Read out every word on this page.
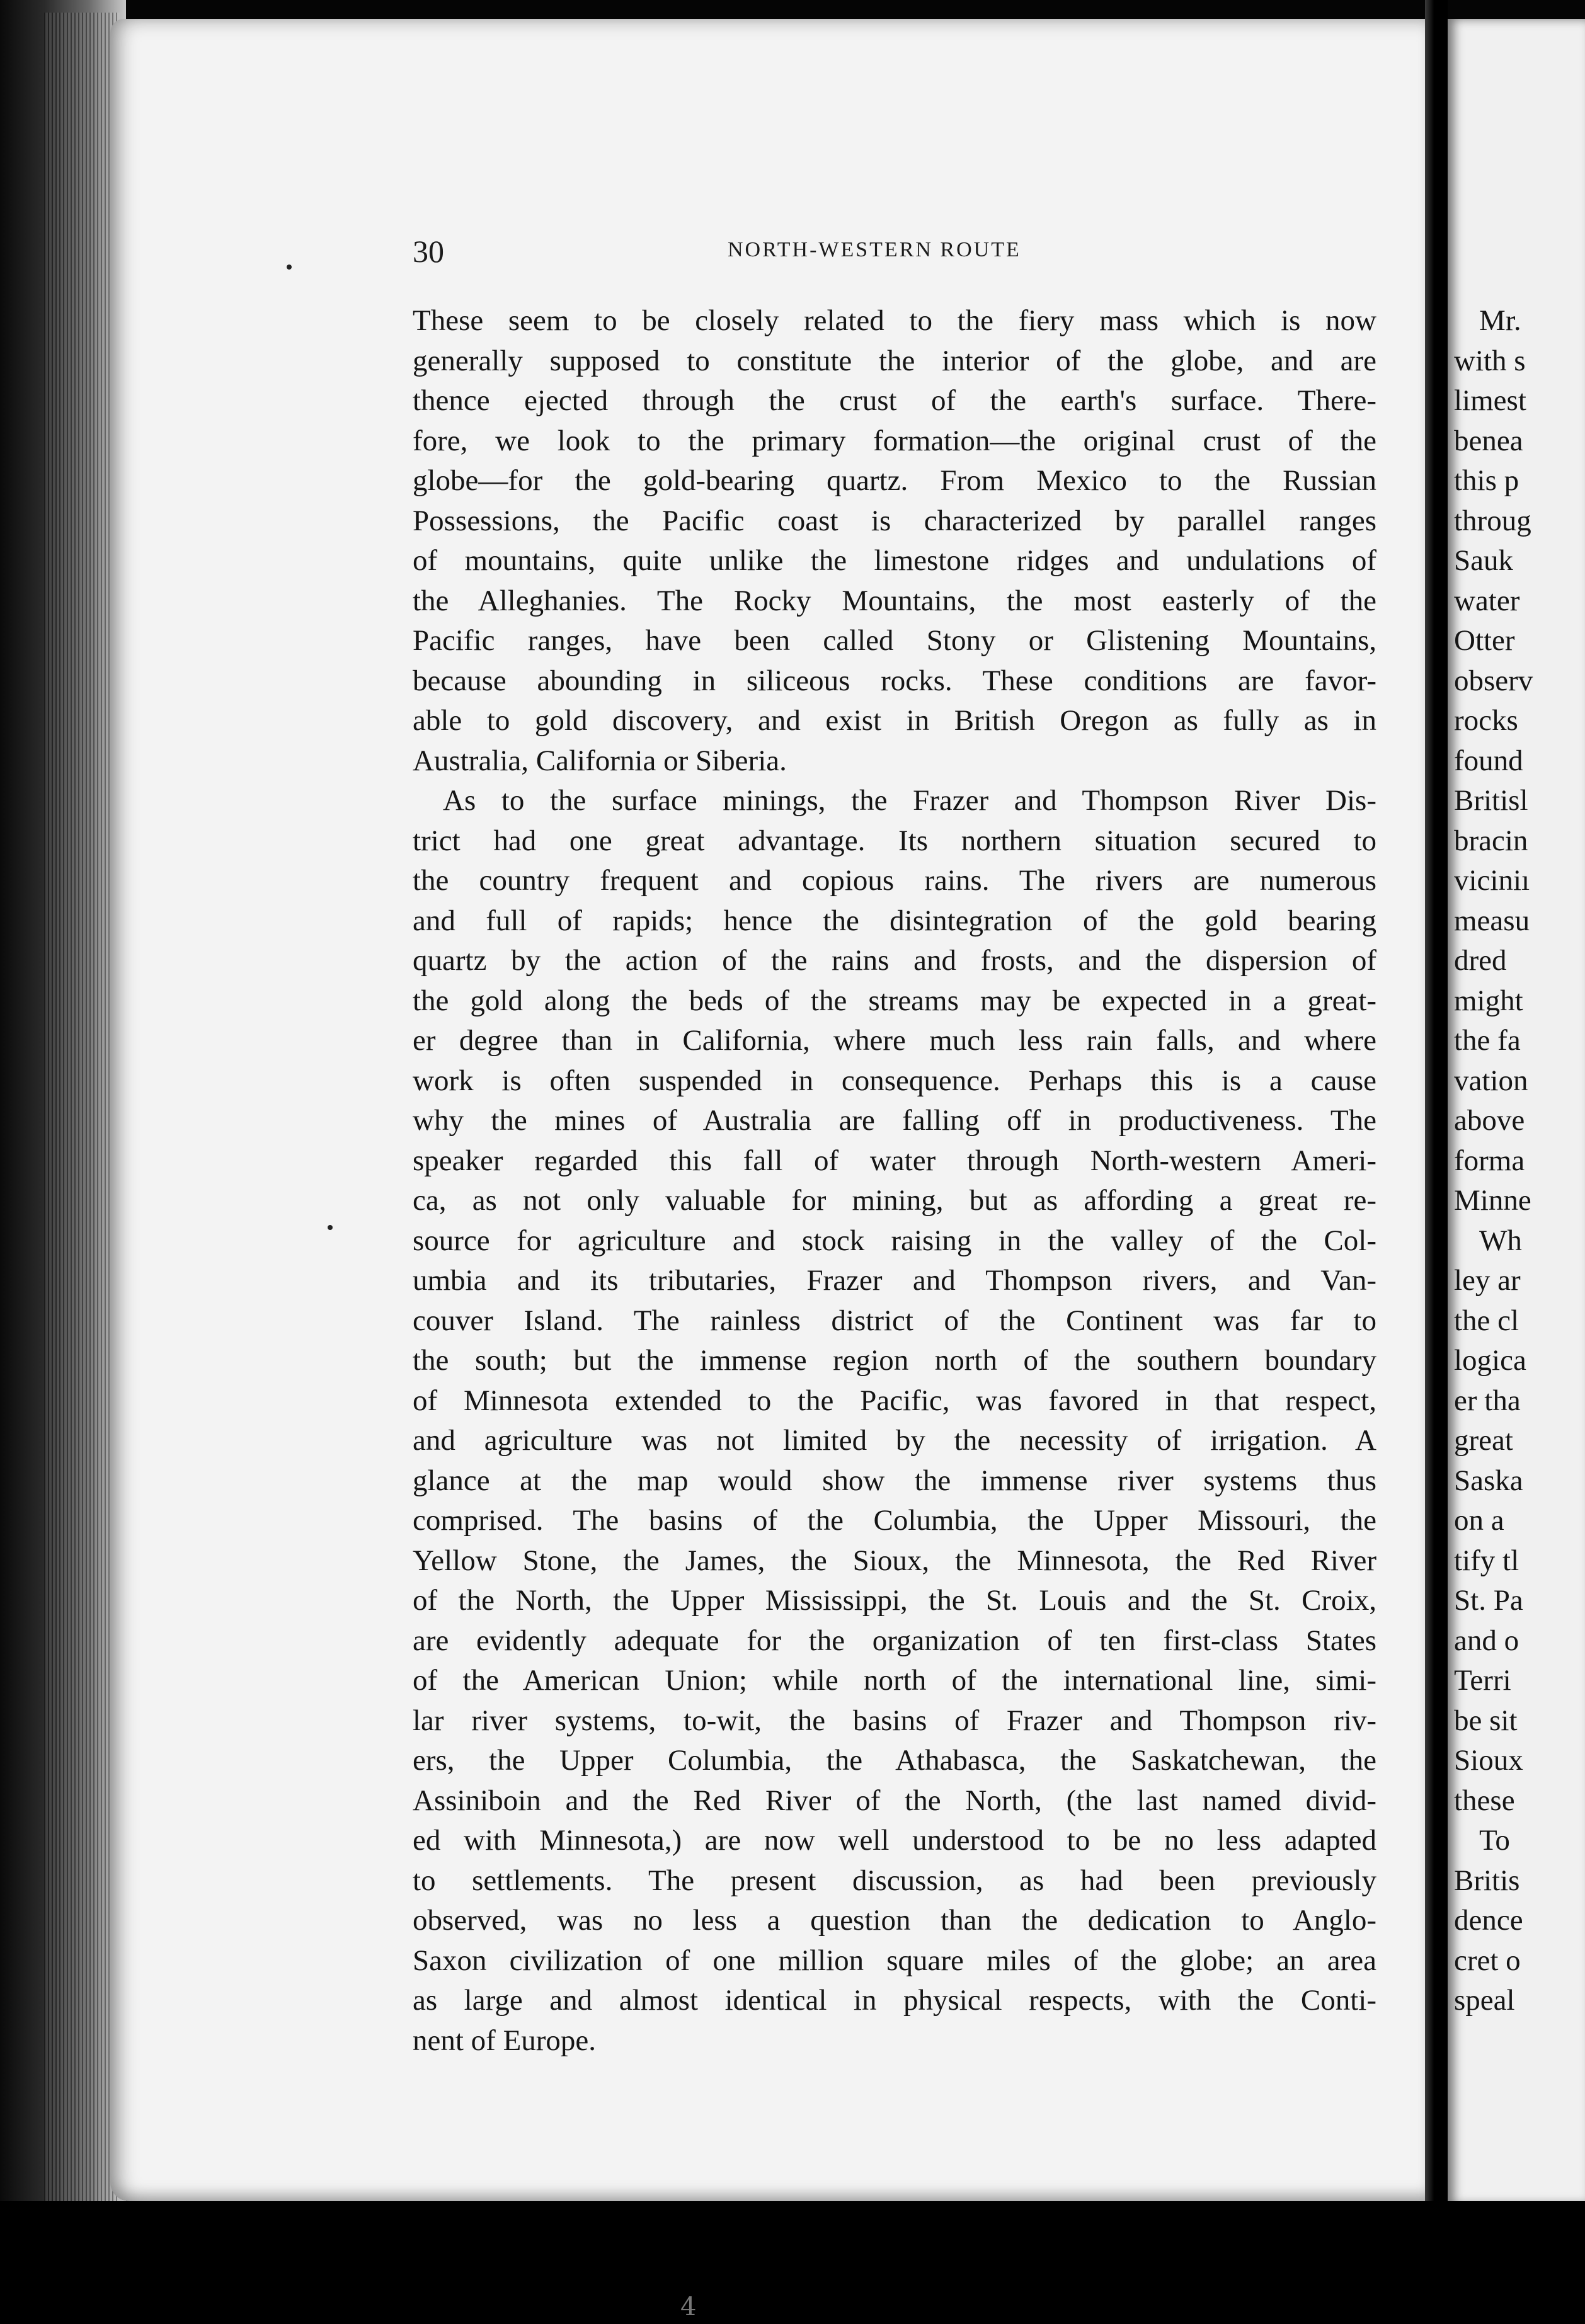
30	NORTH-WESTERN ROUTE
These seem to be closely related to the fiery mass which is now
generally supposed to constitute the interior of the globe, and are
thence ejected through the crust of the earth's surface. There-
fore, we look to the primary formation—the original crust of the
globe—for the gold-bearing quartz. From Mexico to the Russian
Possessions, the Pacific coast is characterized by parallel ranges
of mountains, quite unlike the limestone ridges and undulations of
the Alleghanies. The Rocky Mountains, the most easterly of the
Pacific ranges, have been called Stony or Glistening Mountains,
because abounding in siliceous rocks. These conditions are favor-
able to gold discovery, and exist in British Oregon as fully as in
Australia, California or Siberia.
As to the surface minings, the Frazer and Thompson River Dis-
trict had one great advantage. Its northern situation secured to
the country frequent and copious rains. The rivers are numerous
and full of rapids; hence the disintegration of the gold bearing
quartz by the action of the rains and frosts, and the dispersion of
the gold along the beds of the streams may be expected in a great-
er degree than in California, where much less rain falls, and where
work is often suspended in consequence. Perhaps this is a cause
why the mines of Australia are falling off in productiveness. The
speaker regarded this fall of water through North-western Ameri-
ca, as not only valuable for mining, but as affording a great re-
source for agriculture and stock raising in the valley of the Col-
umbia and its tributaries, Frazer and Thompson rivers, and Van-
couver Island. The rainless district of the Continent was far to
the south; but the immense region north of the southern boundary
of Minnesota extended to the Pacific, was favored in that respect,
and agriculture was not limited by the necessity of irrigation. A
glance at the map would show the immense river systems thus
comprised. The basins of the Columbia, the Upper Missouri, the
Yellow Stone, the James, the Sioux, the Minnesota, the Red River
of the North, the Upper Mississippi, the St. Louis and the St. Croix,
are evidently adequate for the organization of ten first-class States
of the American Union; while north of the international line, simi-
lar river systems, to-wit, the basins of Frazer and Thompson riv-
ers, the Upper Columbia, the Athabasca, the Saskatchewan, the
Assiniboin and the Red River of the North, (the last named divid-
ed with Minnesota,) are now well understood to be no less adapted
to settlements. The present discussion, as had been previously
observed, was no less a question than the dedication to Anglo-
Saxon civilization of one million square miles of the globe; an area
as large and almost identical in physical respects, with the Conti-
nent of Europe.
Mr.
with s
limest
benea
this p
throug
Sauk
water
Otter
observ
rocks
found
Britisl
bracin
viciniı
measu
dred
might
the fa
vation
above
forma
Minne
Wh
ley ar
the cl
logica
er tha
great
Saska
on a
tify tl
St. Pa
and o
Terri
be sit
Sioux
these
To
Britis
dence
cret o
speal
4
